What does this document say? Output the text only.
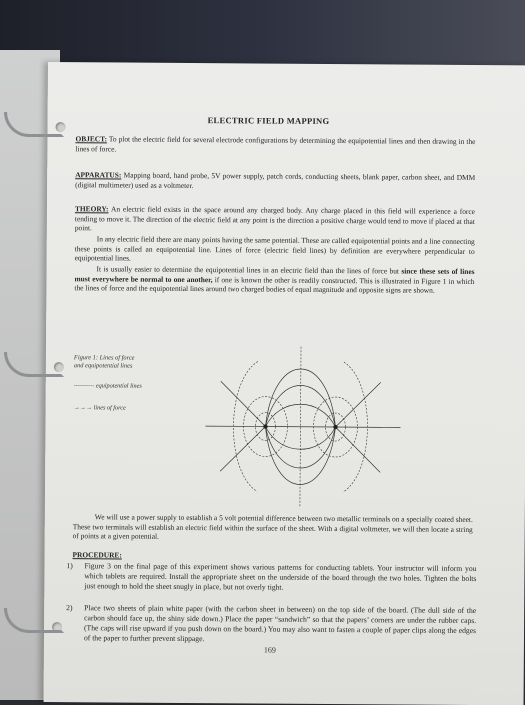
ELECTRIC FIELD MAPPING
OBJECT: To plot the electric field for several electrode configurations by determining the equipotential lines and then drawing in the lines of force.
APPARATUS: Mapping board, hand probe, 5V power supply, patch cords, conducting sheets, blank paper, carbon sheet, and DMM (digital multimeter) used as a voltmeter.
THEORY: An electric field exists in the space around any charged body. Any charge placed in this field will experience a force tending to move it. The direction of the electric field at any point is the direction a positive charge would tend to move if placed at that point.
In any electric field there are many points having the same potential. These are called equipotential points and a line connecting these points is called an equipotential line. Lines of force (electric field lines) by definition are everywhere perpendicular to equipotential lines.
It is usually easier to determine the equipotential lines in an electric field than the lines of force but since these sets of lines must everywhere be normal to one another, if one is known the other is readily constructed. This is illustrated in Figure 1 in which the lines of force and the equipotential lines around two charged bodies of equal magnitude and opposite signs are shown.
Figure 1: Lines of force
and equipotential lines
---------- equipotential lines
→→→ lines of force
We will use a power supply to establish a 5 volt potential difference between two metallic terminals on a specially coated sheet. These two terminals will establish an electric field within the surface of the sheet. With a digital voltmeter, we will then locate a string of points at a given potential.
PROCEDURE:
1) Figure 3 on the final page of this experiment shows various patterns for conducting tablets. Your instructor will inform you which tablets are required. Install the appropriate sheet on the underside of the board through the two holes. Tighten the bolts just enough to hold the sheet snugly in place, but not overly tight.
2) Place two sheets of plain white paper (with the carbon sheet in between) on the top side of the board. (The dull side of the carbon should face up, the shiny side down.) Place the paper “sandwich” so that the papers’ corners are under the rubber caps. (The caps will rise upward if you push down on the board.) You may also want to fasten a couple of paper clips along the edges of the paper to further prevent slippage.
169
